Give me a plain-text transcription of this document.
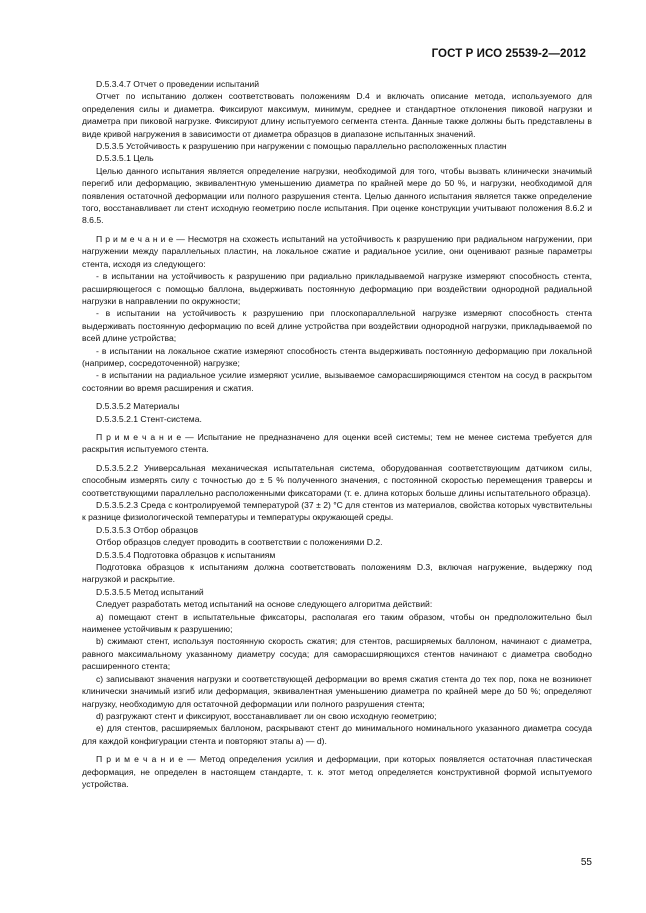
ГОСТ Р ИСО 25539-2—2012

D.5.3.4.7 Отчет о проведении испытаний

Отчет по испытанию должен соответствовать положениям D.4 и включать описание метода, используемого для определения силы и диаметра. Фиксируют максимум, минимум, среднее и стандартное отклонения пиковой нагрузки и диаметра при пиковой нагрузке. Фиксируют длину испытуемого сегмента стента. Данные также должны быть представлены в виде кривой нагружения в зависимости от диаметра образцов в диапазоне испытанных значений.

D.5.3.5 Устойчивость к разрушению при нагружении с помощью параллельно расположенных пластин

D.5.3.5.1 Цель

Целью данного испытания является определение нагрузки, необходимой для того, чтобы вызвать клинически значимый перегиб или деформацию, эквивалентную уменьшению диаметра по крайней мере до 50 %, и нагрузки, необходимой для появления остаточной деформации или полного разрушения стента. Целью данного испытания является также определение того, восстанавливает ли стент исходную геометрию после испытания. При оценке конструкции учитывают положения 8.6.2 и 8.6.5.

П р и м е ч а н и е — Несмотря на схожесть испытаний на устойчивость к разрушению при радиальном нагружении, при нагружении между параллельных пластин, на локальное сжатие и радиальное усилие, они оценивают разные параметры стента, исходя из следующего:

- в испытании на устойчивость к разрушению при радиально прикладываемой нагрузке измеряют способность стента, расширяющегося с помощью баллона, выдерживать постоянную деформацию при воздействии однородной радиальной нагрузки в направлении по окружности;

- в испытании на устойчивость к разрушению при плоскопараллельной нагрузке измеряют способность стента выдерживать постоянную деформацию по всей длине устройства при воздействии однородной нагрузки, прикладываемой по всей длине устройства;

- в испытании на локальное сжатие измеряют способность стента выдерживать постоянную деформацию при локальной (например, сосредоточенной) нагрузке;

- в испытании на радиальное усилие измеряют усилие, вызываемое саморасширяющимся стентом на сосуд в раскрытом состоянии во время расширения и сжатия.

D.5.3.5.2 Материалы

D.5.3.5.2.1 Стент-система.

П р и м е ч а н и е — Испытание не предназначено для оценки всей системы; тем не менее система требуется для раскрытия испытуемого стента.

D.5.3.5.2.2 Универсальная механическая испытательная система, оборудованная соответствующим датчиком силы, способным измерять силу с точностью до ± 5 % полученного значения, с постоянной скоростью перемещения траверсы и соответствующими параллельно расположенными фиксаторами (т. е. длина которых больше длины испытательного образца).

D.5.3.5.2.3 Среда с контролируемой температурой (37 ± 2) °С для стентов из материалов, свойства которых чувствительны к разнице физиологической температуры и температуры окружающей среды.

D.5.3.5.3 Отбор образцов

Отбор образцов следует проводить в соответствии с положениями D.2.

D.5.3.5.4 Подготовка образцов к испытаниям

Подготовка образцов к испытаниям должна соответствовать положениям D.3, включая нагружение, выдержку под нагрузкой и раскрытие.

D.5.3.5.5 Метод испытаний

Следует разработать метод испытаний на основе следующего алгоритма действий:

а) помещают стент в испытательные фиксаторы, располагая его таким образом, чтобы он предположительно был наименее устойчивым к разрушению;

b) сжимают стент, используя постоянную скорость сжатия; для стентов, расширяемых баллоном, начинают с диаметра, равного максимальному указанному диаметру сосуда; для саморасширяющихся стентов начинают с диаметра свободно расширенного стента;

с) записывают значения нагрузки и соответствующей деформации во время сжатия стента до тех пор, пока не возникнет клинически значимый изгиб или деформация, эквивалентная уменьшению диаметра по крайней мере до 50 %; определяют нагрузку, необходимую для остаточной деформации или полного разрушения стента;

d) разгружают стент и фиксируют, восстанавливает ли он свою исходную геометрию;

е) для стентов, расширяемых баллоном, раскрывают стент до минимального номинального указанного диаметра сосуда для каждой конфигурации стента и повторяют этапы а) — d).

П р и м е ч а н и е — Метод определения усилия и деформации, при которых появляется остаточная пластическая деформация, не определен в настоящем стандарте, т. к. этот метод определяется конструктивной формой испытуемого устройства.

55
